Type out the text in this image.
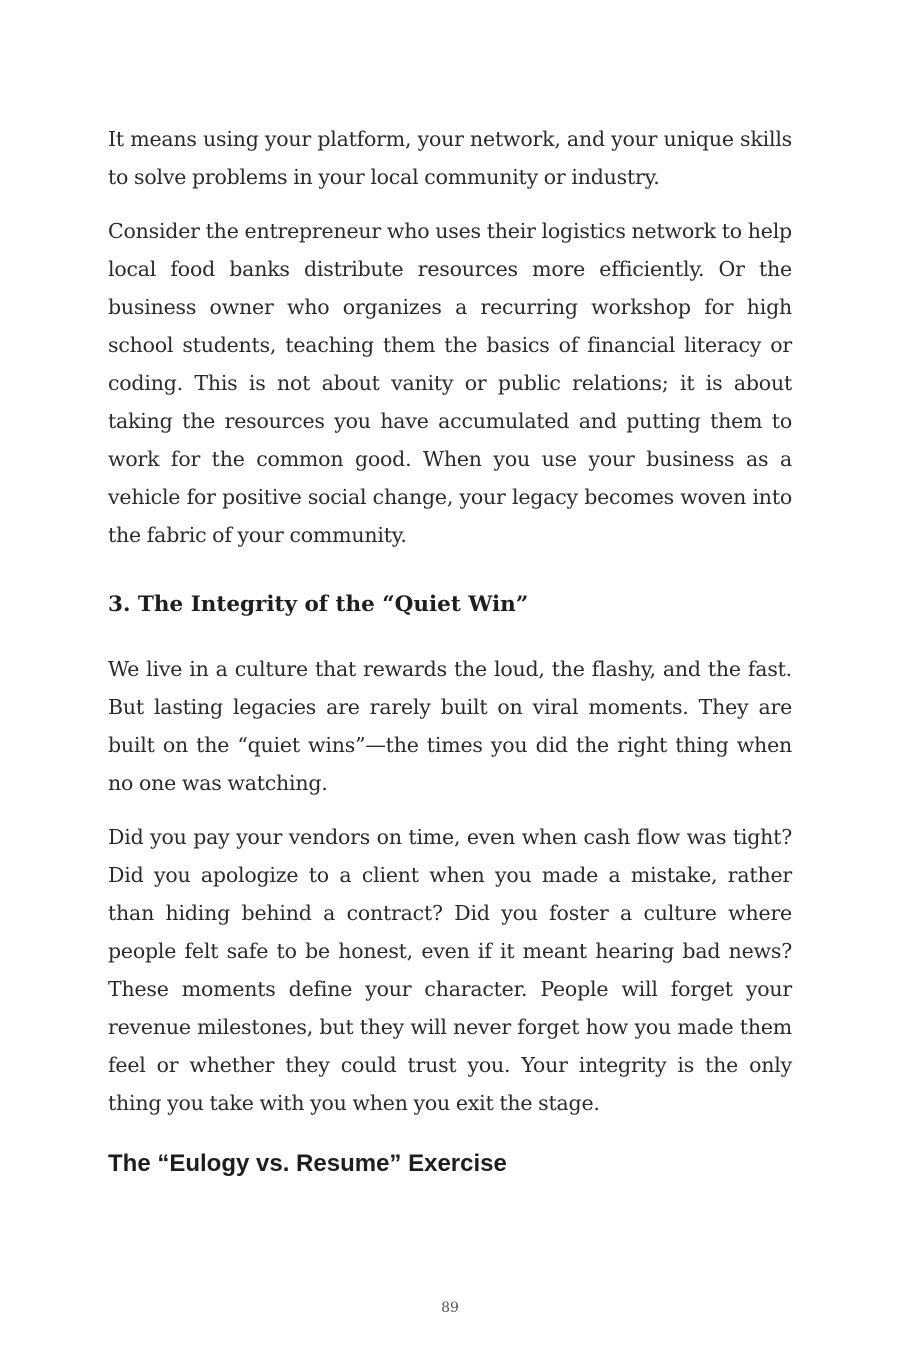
It means using your platform, your network, and your unique skills to solve problems in your local community or industry.

Consider the entrepreneur who uses their logistics network to help local food banks distribute resources more efficiently. Or the business owner who organizes a recurring workshop for high school students, teaching them the basics of financial literacy or coding. This is not about vanity or public relations; it is about taking the resources you have accumulated and putting them to work for the common good. When you use your business as a vehicle for positive social change, your legacy becomes woven into the fabric of your community.

3. The Integrity of the “Quiet Win”

We live in a culture that rewards the loud, the flashy, and the fast. But lasting legacies are rarely built on viral moments. They are built on the “quiet wins”—the times you did the right thing when no one was watching.

Did you pay your vendors on time, even when cash flow was tight? Did you apologize to a client when you made a mistake, rather than hiding behind a contract? Did you foster a culture where people felt safe to be honest, even if it meant hearing bad news? These moments define your character. People will forget your revenue milestones, but they will never forget how you made them feel or whether they could trust you. Your integrity is the only thing you take with you when you exit the stage.

The “Eulogy vs. Resume” Exercise
89
